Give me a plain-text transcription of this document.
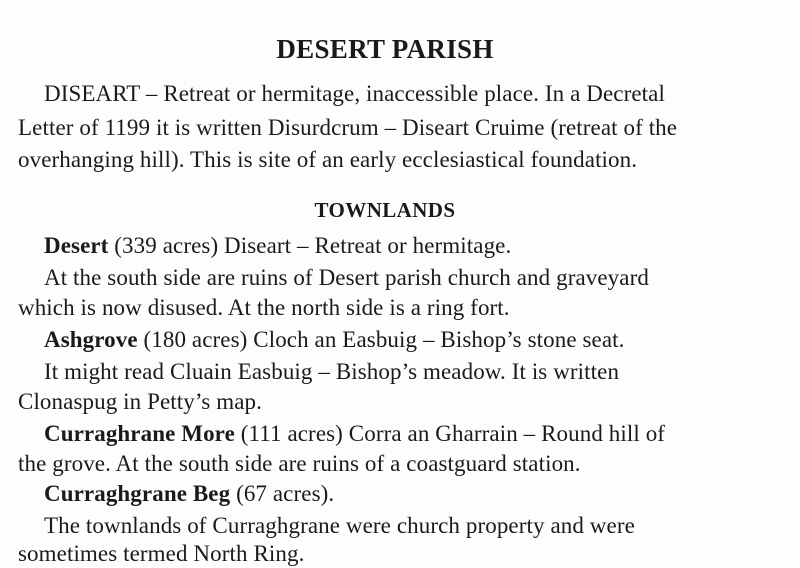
DESERT PARISH
DISEART – Retreat or hermitage, inaccessible place. In a Decretal
Letter of 1199 it is written Disurdcrum – Diseart Cruime (retreat of the
overhanging hill). This is site of an early ecclesiastical foundation.
TOWNLANDS
Desert (339 acres) Diseart – Retreat or hermitage.
At the south side are ruins of Desert parish church and graveyard
which is now disused. At the north side is a ring fort.
Ashgrove (180 acres) Cloch an Easbuig – Bishop’s stone seat.
It might read Cluain Easbuig – Bishop’s meadow. It is written
Clonaspug in Petty’s map.
Curraghrane More (111 acres) Corra an Gharrain – Round hill of
the grove. At the south side are ruins of a coastguard station.
Curraghgrane Beg (67 acres).
The townlands of Curraghgrane were church property and were
sometimes termed North Ring.
